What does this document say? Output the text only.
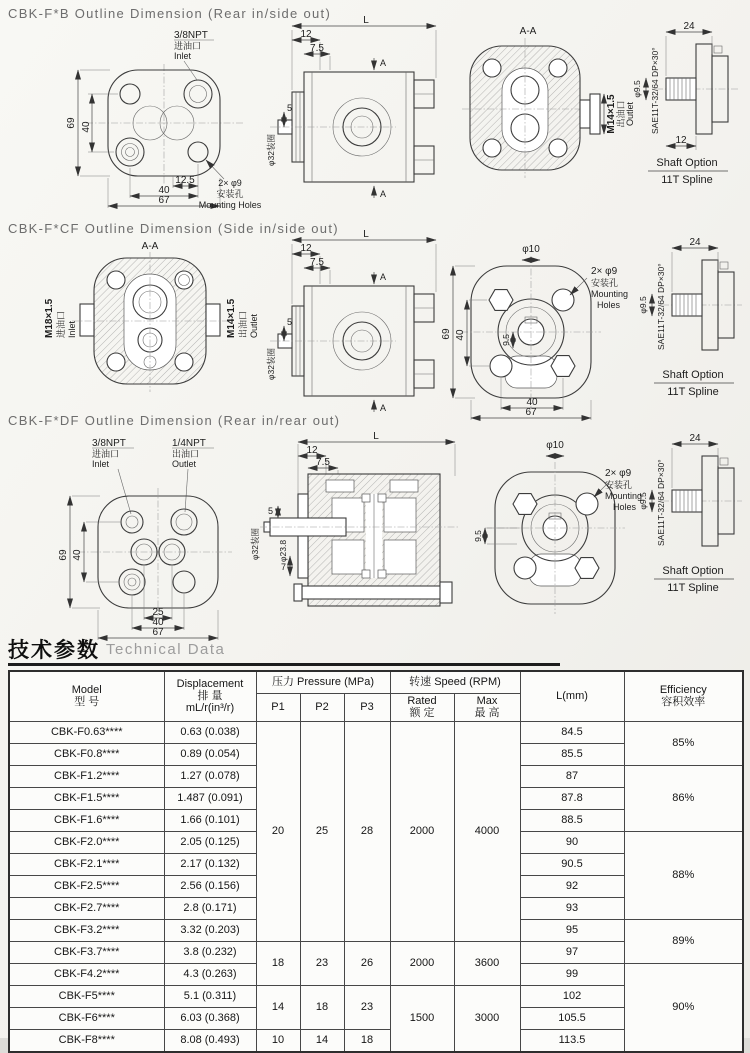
CBK-F*B Outline Dimension (Rear in/side out)
69 40
12.5
40
67
3/8NPT
进油口
Inlet
2× φ9
安装孔
Mounting Holes
L
12
7.5
A
A
φ32装圈
5
A-A
M14×1.5 出油口 Outlet
24
12
φ9.5 SAE11T-32/64 DP×30°
Shaft Option
11T Spline
CBK-F*CF Outline Dimension (Side in/side out)
A-A
M18×1.5 进油口 Inlet	M14×1.5 出油口 Outlet
L
12
7.5
A
A
φ32装圈
5
φ10
9.5
69 40
40
67
2× φ9
安装孔
Mounting
Holes
24
φ9.5 SAE11T-32/64 DP×30°
Shaft Option
11T Spline
CBK-F*DF Outline Dimension (Rear in/rear out)
3/8NPT
进油口
Inlet
1/4NPT
出油口
Outlet
69 40
25
40
67
L
12
7.5
φ32装圈 φ23.8
5
7
φ10
9.5
2× φ9
安装孔
Mounting
Holes
24
φ9.5 SAE11T-32/64 DP×30°
Shaft Option
11T Spline
技术参数 Technical Data
Model
型 号	Displacement
排 量
mL/r(in³/r)	压力 Pressure (MPa)			转速 Speed (RPM)		L(mm)	Efficiency
容积效率

		P1	P2	P3	Rated
额 定	Max
最 高		

CBK-F0.63****	0.63 (0.038)	20	25	28	2000	4000	84.5	85%
CBK-F0.8****	0.89 (0.054)						85.5	
CBK-F1.2****	1.27 (0.078)						87	86%
CBK-F1.5****	1.487 (0.091)						87.8	
CBK-F1.6****	1.66 (0.101)						88.5	
CBK-F2.0****	2.05 (0.125)						90	88%
CBK-F2.1****	2.17 (0.132)						90.5	
CBK-F2.5****	2.56 (0.156)						92	
CBK-F2.7****	2.8 (0.171)						93	
CBK-F3.2****	3.32 (0.203)						95	89%
CBK-F3.7****	3.8 (0.232)	18	23	26	2000	3600	97	
CBK-F4.2****	4.3 (0.263)						99	90%
CBK-F5****	5.1 (0.311)	14	18	23	1500	3000	102	
CBK-F6****	6.03 (0.368)						105.5	
CBK-F8****	8.08 (0.493)	10	14	18			113.5	
